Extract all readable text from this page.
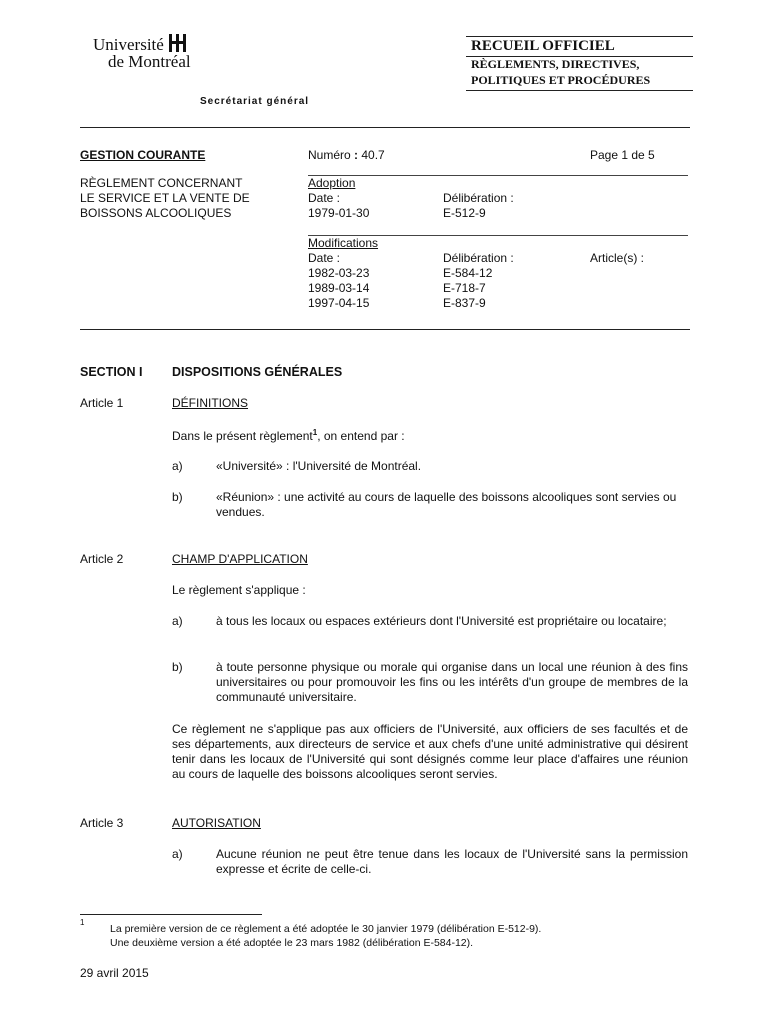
Université
de Montréal
RECUEIL OFFICIEL
RÈGLEMENTS, DIRECTIVES,
POLITIQUES ET PROCÉDURES
Secrétariat général
GESTION COURANTE	Numéro : 40.7	Page 1 de 5
RÈGLEMENT CONCERNANT
LE SERVICE ET LA VENTE DE
BOISSONS ALCOOLIQUES
Adoption
Date :	Délibération :
1979-01-30	E-512-9
Modifications
Date :	Délibération :	Article(s) :
1982-03-23	E-584-12
1989-03-14	E-718-7
1997-04-15	E-837-9
SECTION I DISPOSITIONS GÉNÉRALES
Article 1	DÉFINITIONS
Dans le présent règlement$^1$, on entend par :
a)	«Université» : l'Université de Montréal.
b)	«Réunion» : une activité au cours de laquelle des boissons alcooliques sont servies ou vendues.
Article 2	CHAMP D'APPLICATION
Le règlement s'applique :
a)	à tous les locaux ou espaces extérieurs dont l'Université est propriétaire ou locataire;
b)	à toute personne physique ou morale qui organise dans un local une réunion à des fins universitaires ou pour promouvoir les fins ou les intérêts d'un groupe de membres de la communauté universitaire.
Ce règlement ne s'applique pas aux officiers de l'Université, aux officiers de ses facultés et de ses départements, aux directeurs de service et aux chefs d'une unité administrative qui désirent tenir dans les locaux de l'Université qui sont désignés comme leur place d'affaires une réunion au cours de laquelle des boissons alcooliques seront servies.
Article 3	AUTORISATION
a)	Aucune réunion ne peut être tenue dans les locaux de l'Université sans la permission expresse et écrite de celle-ci.
1
La première version de ce règlement a été adoptée le 30 janvier 1979 (délibération E-512-9).
Une deuxième version a été adoptée le 23 mars 1982 (délibération E-584-12).
29 avril 2015
